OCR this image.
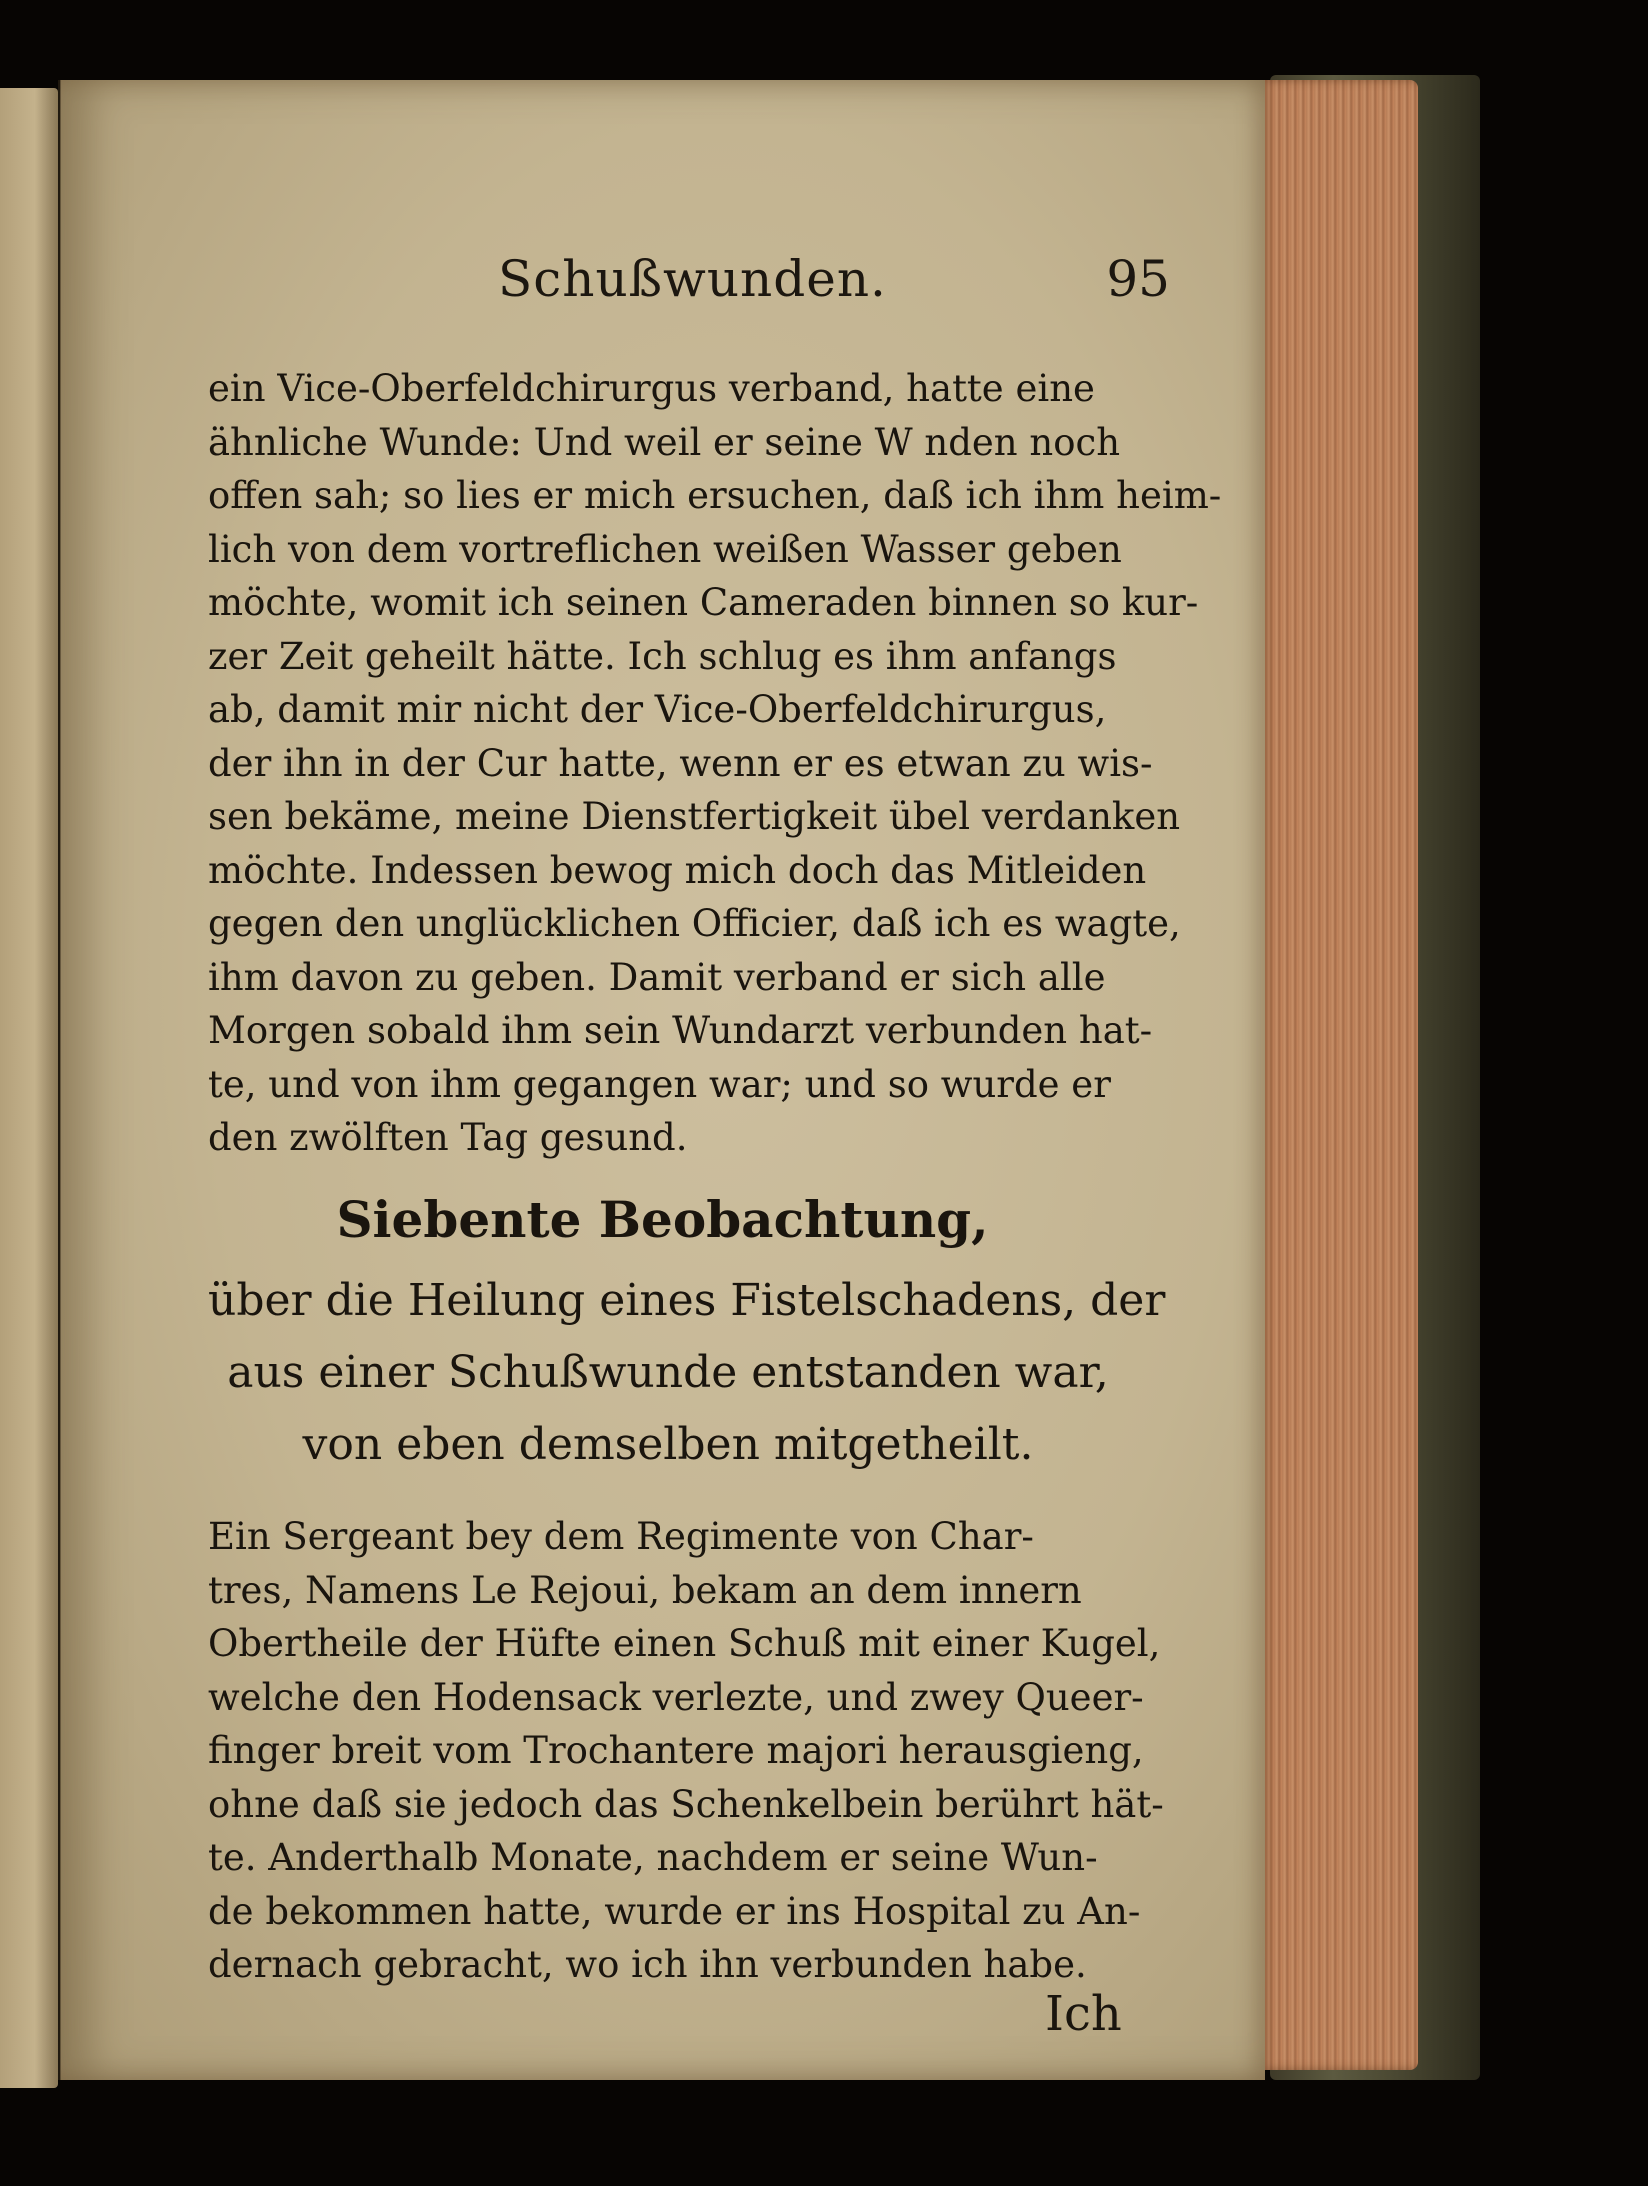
Schußwunden.	95

ein Vice-Oberfeldchirurgus verband, hatte eine
ähnliche Wunde: Und weil er seine W nden noch
offen sah; so lies er mich ersuchen, daß ich ihm heim-
lich von dem vortreflichen weißen Wasser geben
möchte, womit ich seinen Cameraden binnen so kur-
zer Zeit geheilt hätte. Ich schlug es ihm anfangs
ab, damit mir nicht der Vice-Oberfeldchirurgus,
der ihn in der Cur hatte, wenn er es etwan zu wis-
sen bekäme, meine Dienstfertigkeit übel verdanken
möchte. Indessen bewog mich doch das Mitleiden
gegen den unglücklichen Officier, daß ich es wagte,
ihm davon zu geben. Damit verband er sich alle
Morgen sobald ihm sein Wundarzt verbunden hat-
te, und von ihm gegangen war; und so wurde er
den zwölften Tag gesund.

Siebente Beobachtung,

über die Heilung eines Fistelschadens, der
aus einer Schußwunde entstanden war,
von eben demselben mitgetheilt.

Ein Sergeant bey dem Regimente von Char-
tres, Namens Le Rejoui, bekam an dem innern
Obertheile der Hüfte einen Schuß mit einer Kugel,
welche den Hodensack verlezte, und zwey Queer-
finger breit vom Trochantere majori herausgieng,
ohne daß sie jedoch das Schenkelbein berührt hät-
te. Anderthalb Monate, nachdem er seine Wun-
de bekommen hatte, wurde er ins Hospital zu An-
dernach gebracht, wo ich ihn verbunden habe.

Ich
